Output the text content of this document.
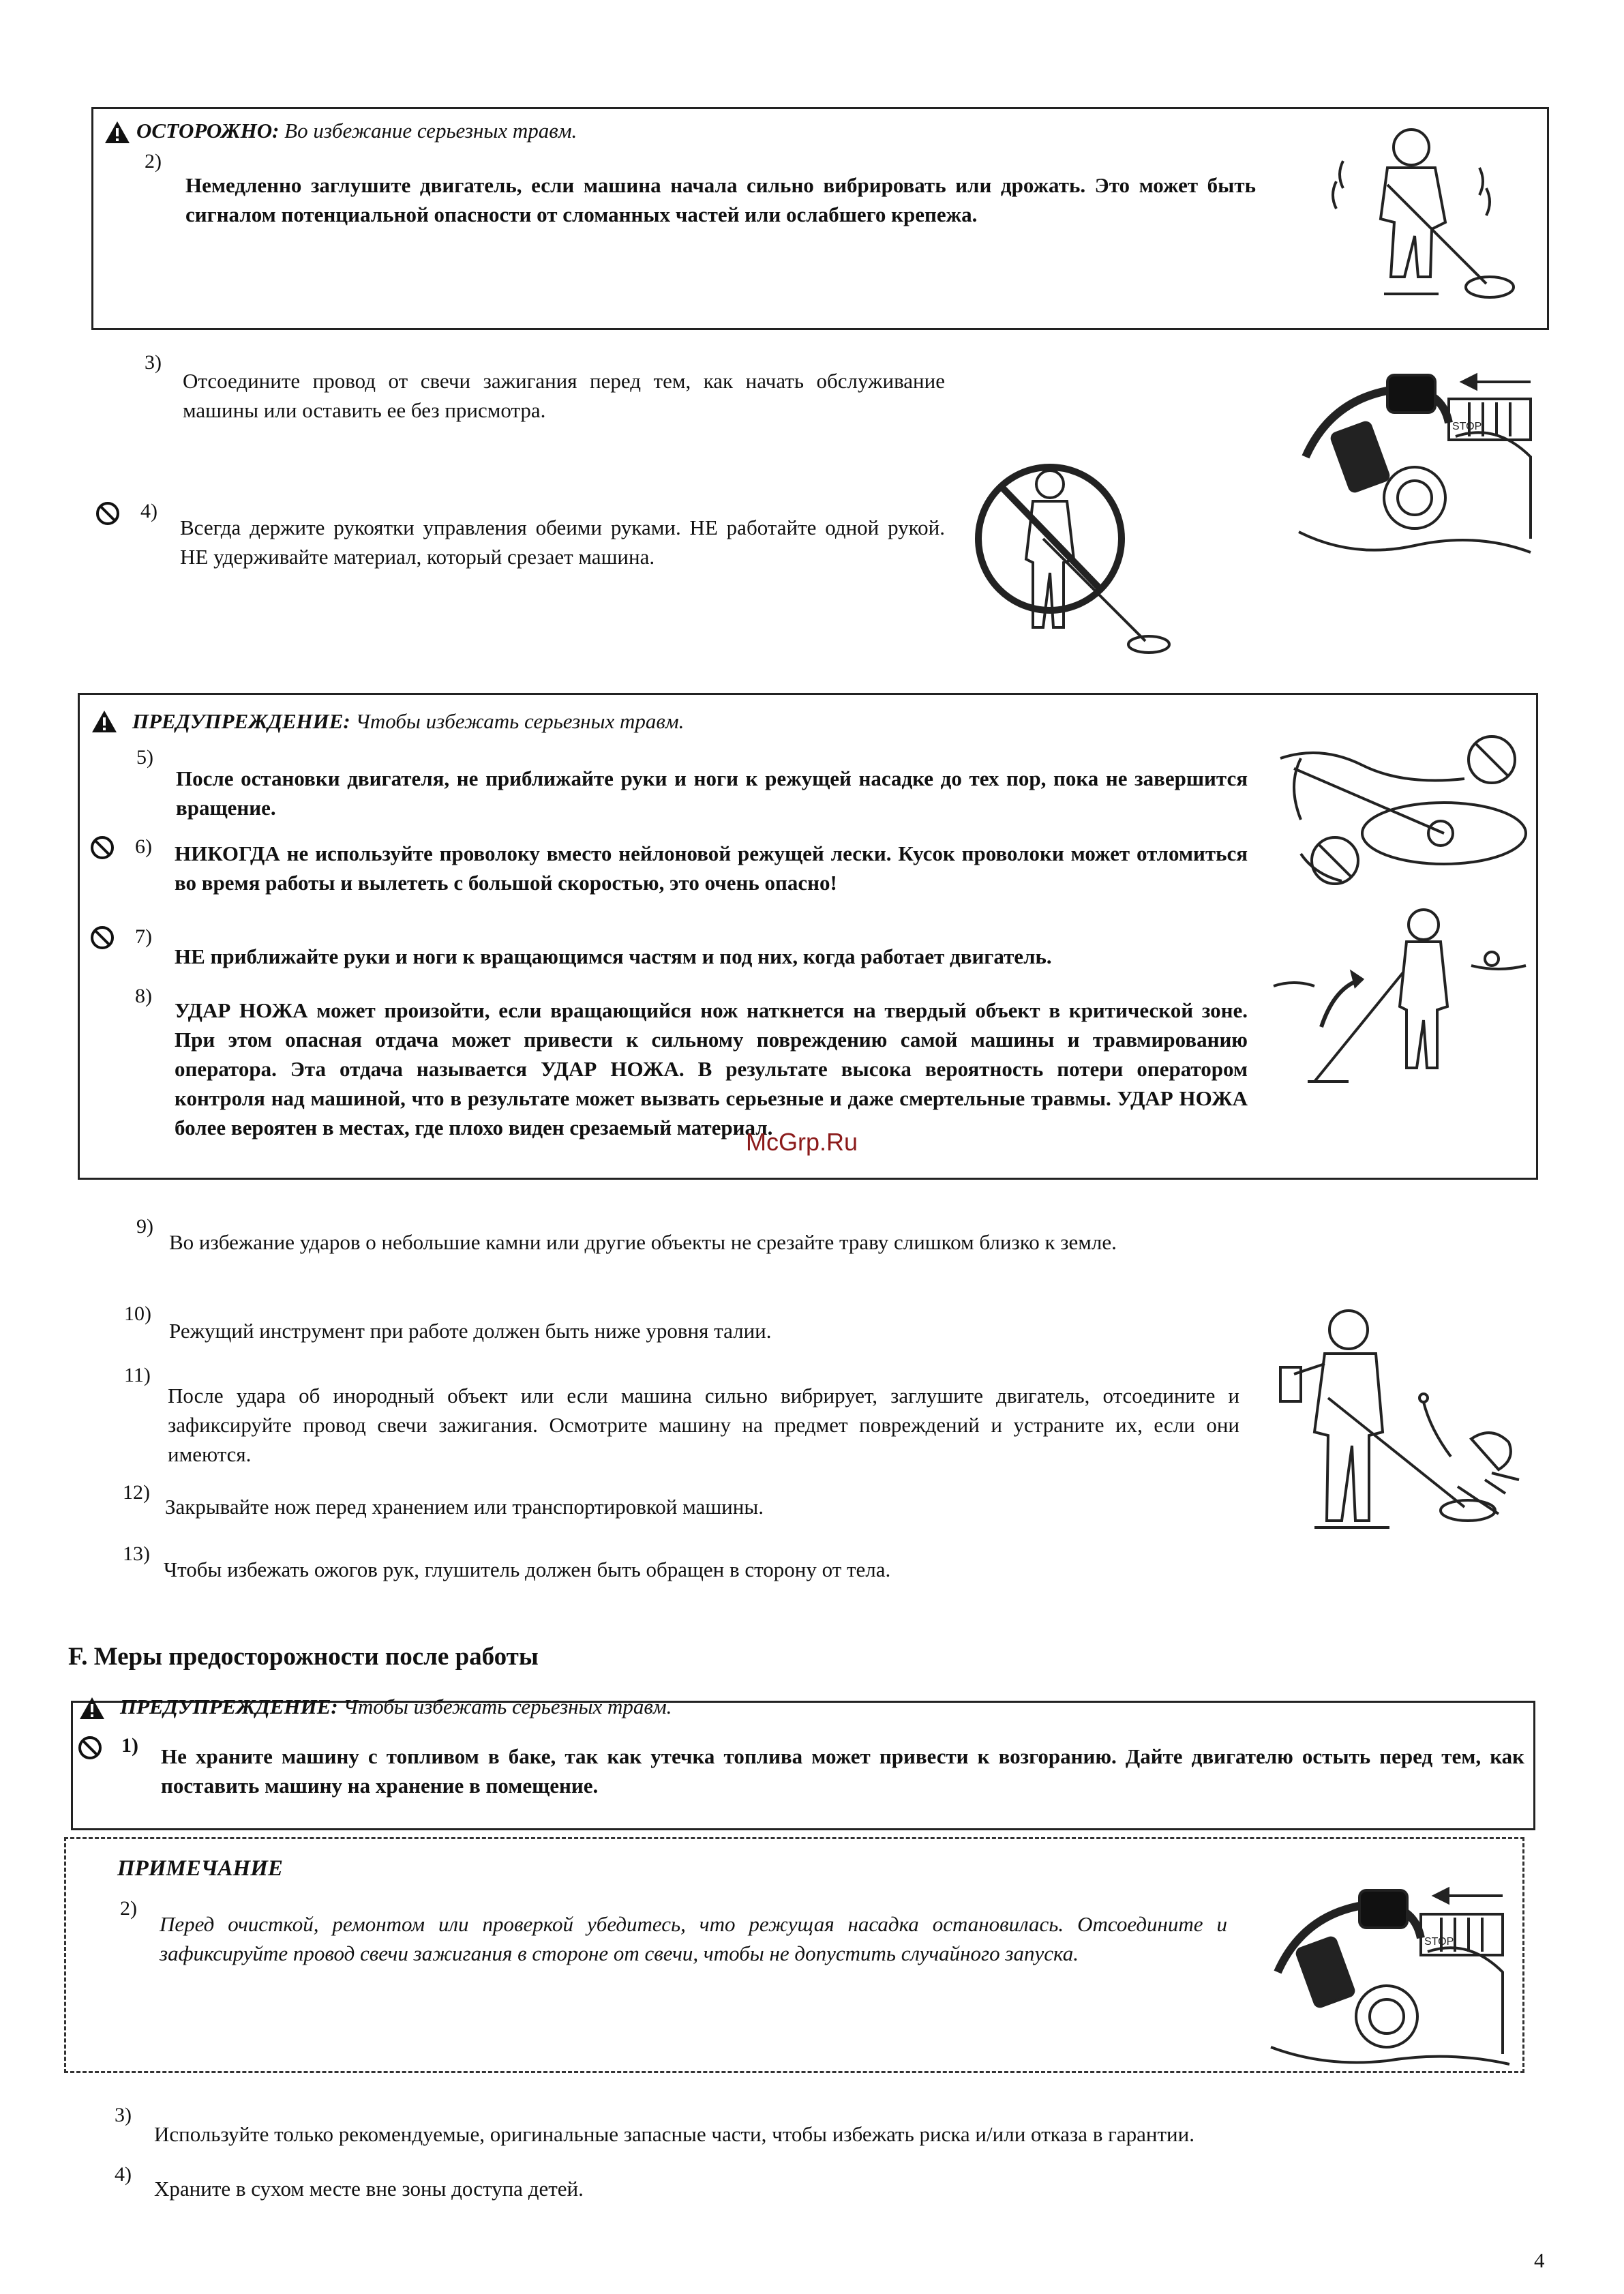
ОСТОРОЖНО: Во избежание серьезных травм.
2)
Немедленно заглушите двигатель, если машина начала сильно вибрировать или дрожать. Это может быть сигналом потенциальной опасности от сломанных частей или ослабшего крепежа.
3)
Отсоедините провод от свечи зажигания перед тем, как начать обслуживание машины или оставить ее без присмотра.
4)
Всегда держите рукоятки управления обеими руками. НЕ работайте одной рукой. НЕ удерживайте материал, который срезает машина.
STOP
ПРЕДУПРЕЖДЕНИЕ: Чтобы избежать серьезных травм.
5)
После остановки двигателя, не приближайте руки и ноги к режущей насадке до тех пор, пока не завершится вращение.
6) НИКОГДА не используйте проволоку вместо нейлоновой режущей лески. Кусок проволоки может отломиться во время работы и вылететь с большой скоростью, это очень опасно!
7)
НЕ приближайте руки и ноги к вращающимся частям и под них, когда работает двигатель.
8)
УДАР НОЖА может произойти, если вращающийся нож наткнется на твердый объект в критической зоне. При этом опасная отдача может привести к сильному повреждению самой машины и травмированию оператора. Эта отдача называется УДАР НОЖА. В результате высока вероятность потери оператором контроля над машиной, что в результате может вызвать серьезные и даже смертельные травмы. УДАР НОЖА более вероятен в местах, где плохо виден срезаемый материал.
McGrp.Ru
9)
Во избежание ударов о небольшие камни или другие объекты не срезайте траву слишком близко к земле.
10)
Режущий инструмент при работе должен быть ниже уровня талии.
11)
После удара об инородный объект или если машина сильно вибрирует, заглушите двигатель, отсоедините и зафиксируйте провод свечи зажигания. Осмотрите машину на предмет повреждений и устраните их, если они имеются.
12)
Закрывайте нож перед хранением или транспортировкой машины.
13)
Чтобы избежать ожогов рук, глушитель должен быть обращен в сторону от тела.
F. Меры предосторожности после работы
ПРЕДУПРЕЖДЕНИЕ: Чтобы избежать серьезных травм.
1) Не храните машину с топливом в баке, так как утечка топлива может привести к возгоранию. Дайте двигателю остыть перед тем, как поставить машину на хранение в помещение.
ПРИМЕЧАНИЕ
2)
Перед очисткой, ремонтом или проверкой убедитесь, что режущая насадка остановилась. Отсоедините и зафиксируйте провод свечи зажигания в стороне от свечи, чтобы не допустить случайного запуска.	STOP
3)
Используйте только рекомендуемые, оригинальные запасные части, чтобы избежать риска и/или отказа в гарантии.
4)
Храните в сухом месте вне зоны доступа детей.
4
